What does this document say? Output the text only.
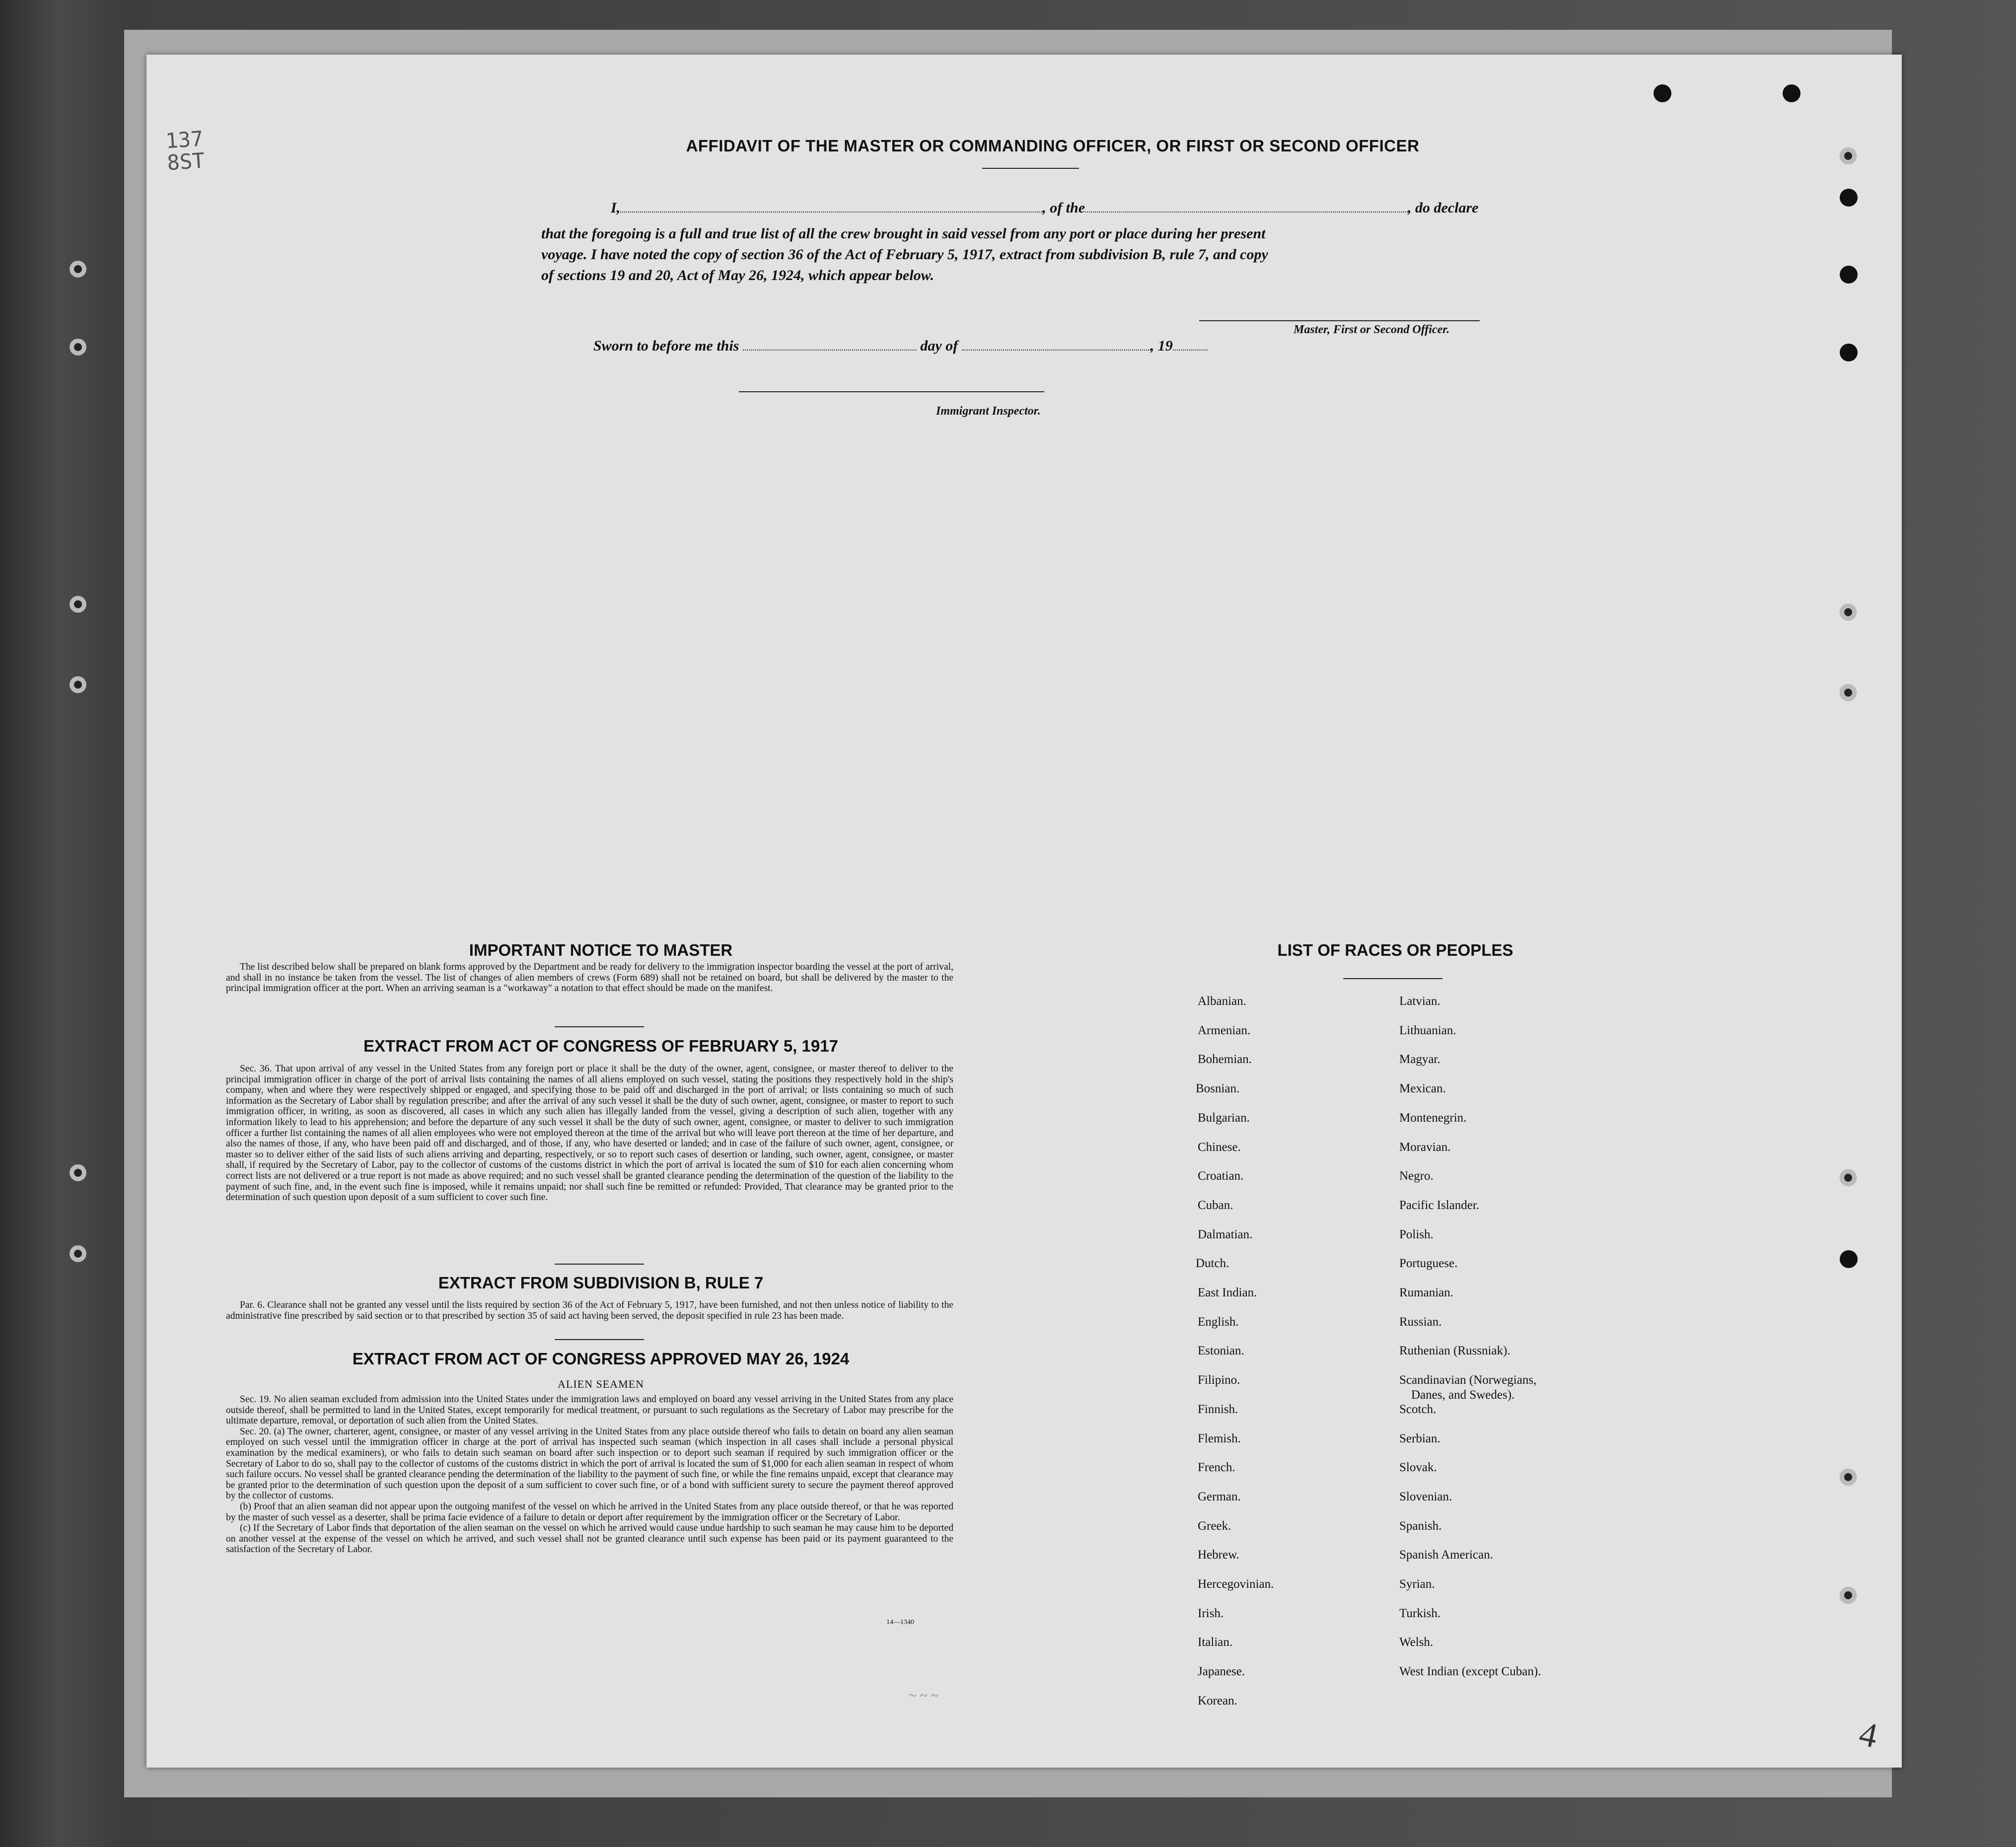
137
8ST
4
AFFIDAVIT OF THE MASTER OR COMMANDING OFFICER, OR FIRST OR SECOND OFFICER
I,	, of the	, do declare
that the foregoing is a full and true list of all the crew brought in said vessel from any port or place during her present
voyage. I have noted the copy of section 36 of the Act of February 5, 1917, extract from subdivision B, rule 7, and copy
of sections 19 and 20, Act of May 26, 1924, which appear below.
Master, First or Second Officer.
Sworn to before me this	day of	, 19
Immigrant Inspector.
IMPORTANT NOTICE TO MASTER

The list described below shall be prepared on blank forms approved by the Department and be ready for delivery to the immigration inspector boarding the vessel at the port of arrival, and shall in no instance be taken from the vessel. The list of changes of alien members of crews (Form 689) shall not be retained on board, but shall be delivered by the master to the principal immigration officer at the port. When an arriving seaman is a "workaway" a notation to that effect should be made on the manifest.

EXTRACT FROM ACT OF CONGRESS OF FEBRUARY 5, 1917

Sec. 36. That upon arrival of any vessel in the United States from any foreign port or place it shall be the duty of the owner, agent, consignee, or master thereof to deliver to the principal immigration officer in charge of the port of arrival lists containing the names of all aliens employed on such vessel, stating the positions they respectively hold in the ship's company, when and where they were respectively shipped or engaged, and specifying those to be paid off and discharged in the port of arrival; or lists containing so much of such information as the Secretary of Labor shall by regulation prescribe; and after the arrival of any such vessel it shall be the duty of such owner, agent, consignee, or master to report to such immigration officer, in writing, as soon as discovered, all cases in which any such alien has illegally landed from the vessel, giving a description of such alien, together with any information likely to lead to his apprehension; and before the departure of any such vessel it shall be the duty of such owner, agent, consignee, or master to deliver to such immigration officer a further list containing the names of all alien employees who were not employed thereon at the time of the arrival but who will leave port thereon at the time of her departure, and also the names of those, if any, who have been paid off and discharged, and of those, if any, who have deserted or landed; and in case of the failure of such owner, agent, consignee, or master so to deliver either of the said lists of such aliens arriving and departing, respectively, or so to report such cases of desertion or landing, such owner, agent, consignee, or master shall, if required by the Secretary of Labor, pay to the collector of customs of the customs district in which the port of arrival is located the sum of $10 for each alien concerning whom correct lists are not delivered or a true report is not made as above required; and no such vessel shall be granted clearance pending the determination of the question of the liability to the payment of such fine, and, in the event such fine is imposed, while it remains unpaid; nor shall such fine be remitted or refunded: Provided, That clearance may be granted prior to the determination of such question upon deposit of a sum sufficient to cover such fine.

EXTRACT FROM SUBDIVISION B, RULE 7

Par. 6. Clearance shall not be granted any vessel until the lists required by section 36 of the Act of February 5, 1917, have been furnished, and not then unless notice of liability to the administrative fine prescribed by said section or to that prescribed by section 35 of said act having been served, the deposit specified in rule 23 has been made.

EXTRACT FROM ACT OF CONGRESS APPROVED MAY 26, 1924
ALIEN SEAMEN

Sec. 19. No alien seaman excluded from admission into the United States under the immigration laws and employed on board any vessel arriving in the United States from any place outside thereof, shall be permitted to land in the United States, except temporarily for medical treatment, or pursuant to such regulations as the Secretary of Labor may prescribe for the ultimate departure, removal, or deportation of such alien from the United States.

Sec. 20. (a) The owner, charterer, agent, consignee, or master of any vessel arriving in the United States from any place outside thereof who fails to detain on board any alien seaman employed on such vessel until the immigration officer in charge at the port of arrival has inspected such seaman (which inspection in all cases shall include a personal physical examination by the medical examiners), or who fails to detain such seaman on board after such inspection or to deport such seaman if required by such immigration officer or the Secretary of Labor to do so, shall pay to the collector of customs of the customs district in which the port of arrival is located the sum of $1,000 for each alien seaman in respect of whom such failure occurs. No vessel shall be granted clearance pending the determination of the liability to the payment of such fine, or while the fine remains unpaid, except that clearance may be granted prior to the determination of such question upon the deposit of a sum sufficient to cover such fine, or of a bond with sufficient surety to secure the payment thereof approved by the collector of customs.

(b) Proof that an alien seaman did not appear upon the outgoing manifest of the vessel on which he arrived in the United States from any place outside thereof, or that he was reported by the master of such vessel as a deserter, shall be prima facie evidence of a failure to detain or deport after requirement by the immigration officer or the Secretary of Labor.

(c) If the Secretary of Labor finds that deportation of the alien seaman on the vessel on which he arrived would cause undue hardship to such seaman he may cause him to be deported on another vessel at the expense of the vessel on which he arrived, and such vessel shall not be granted clearance until such expense has been paid or its payment guaranteed to the satisfaction of the Secretary of Labor.

14—1340
~ ~ ~
LIST OF RACES OR PEOPLES
Albanian.
Armenian.
Bohemian.
Bosnian.
Bulgarian.
Chinese.
Croatian.
Cuban.
Dalmatian.
Dutch.
East Indian.
English.
Estonian.
Filipino.
Finnish.
Flemish.
French.
German.
Greek.
Hebrew.
Hercegovinian.
Irish.
Italian.
Japanese.
Korean.
Latvian.
Lithuanian.
Magyar.
Mexican.
Montenegrin.
Moravian.
Negro.
Pacific Islander.
Polish.
Portuguese.
Rumanian.
Russian.
Ruthenian (Russniak).
Scandinavian (Norwegians,
Danes, and Swedes).
Scotch.
Serbian.
Slovak.
Slovenian.
Spanish.
Spanish American.
Syrian.
Turkish.
Welsh.
West Indian (except Cuban).
